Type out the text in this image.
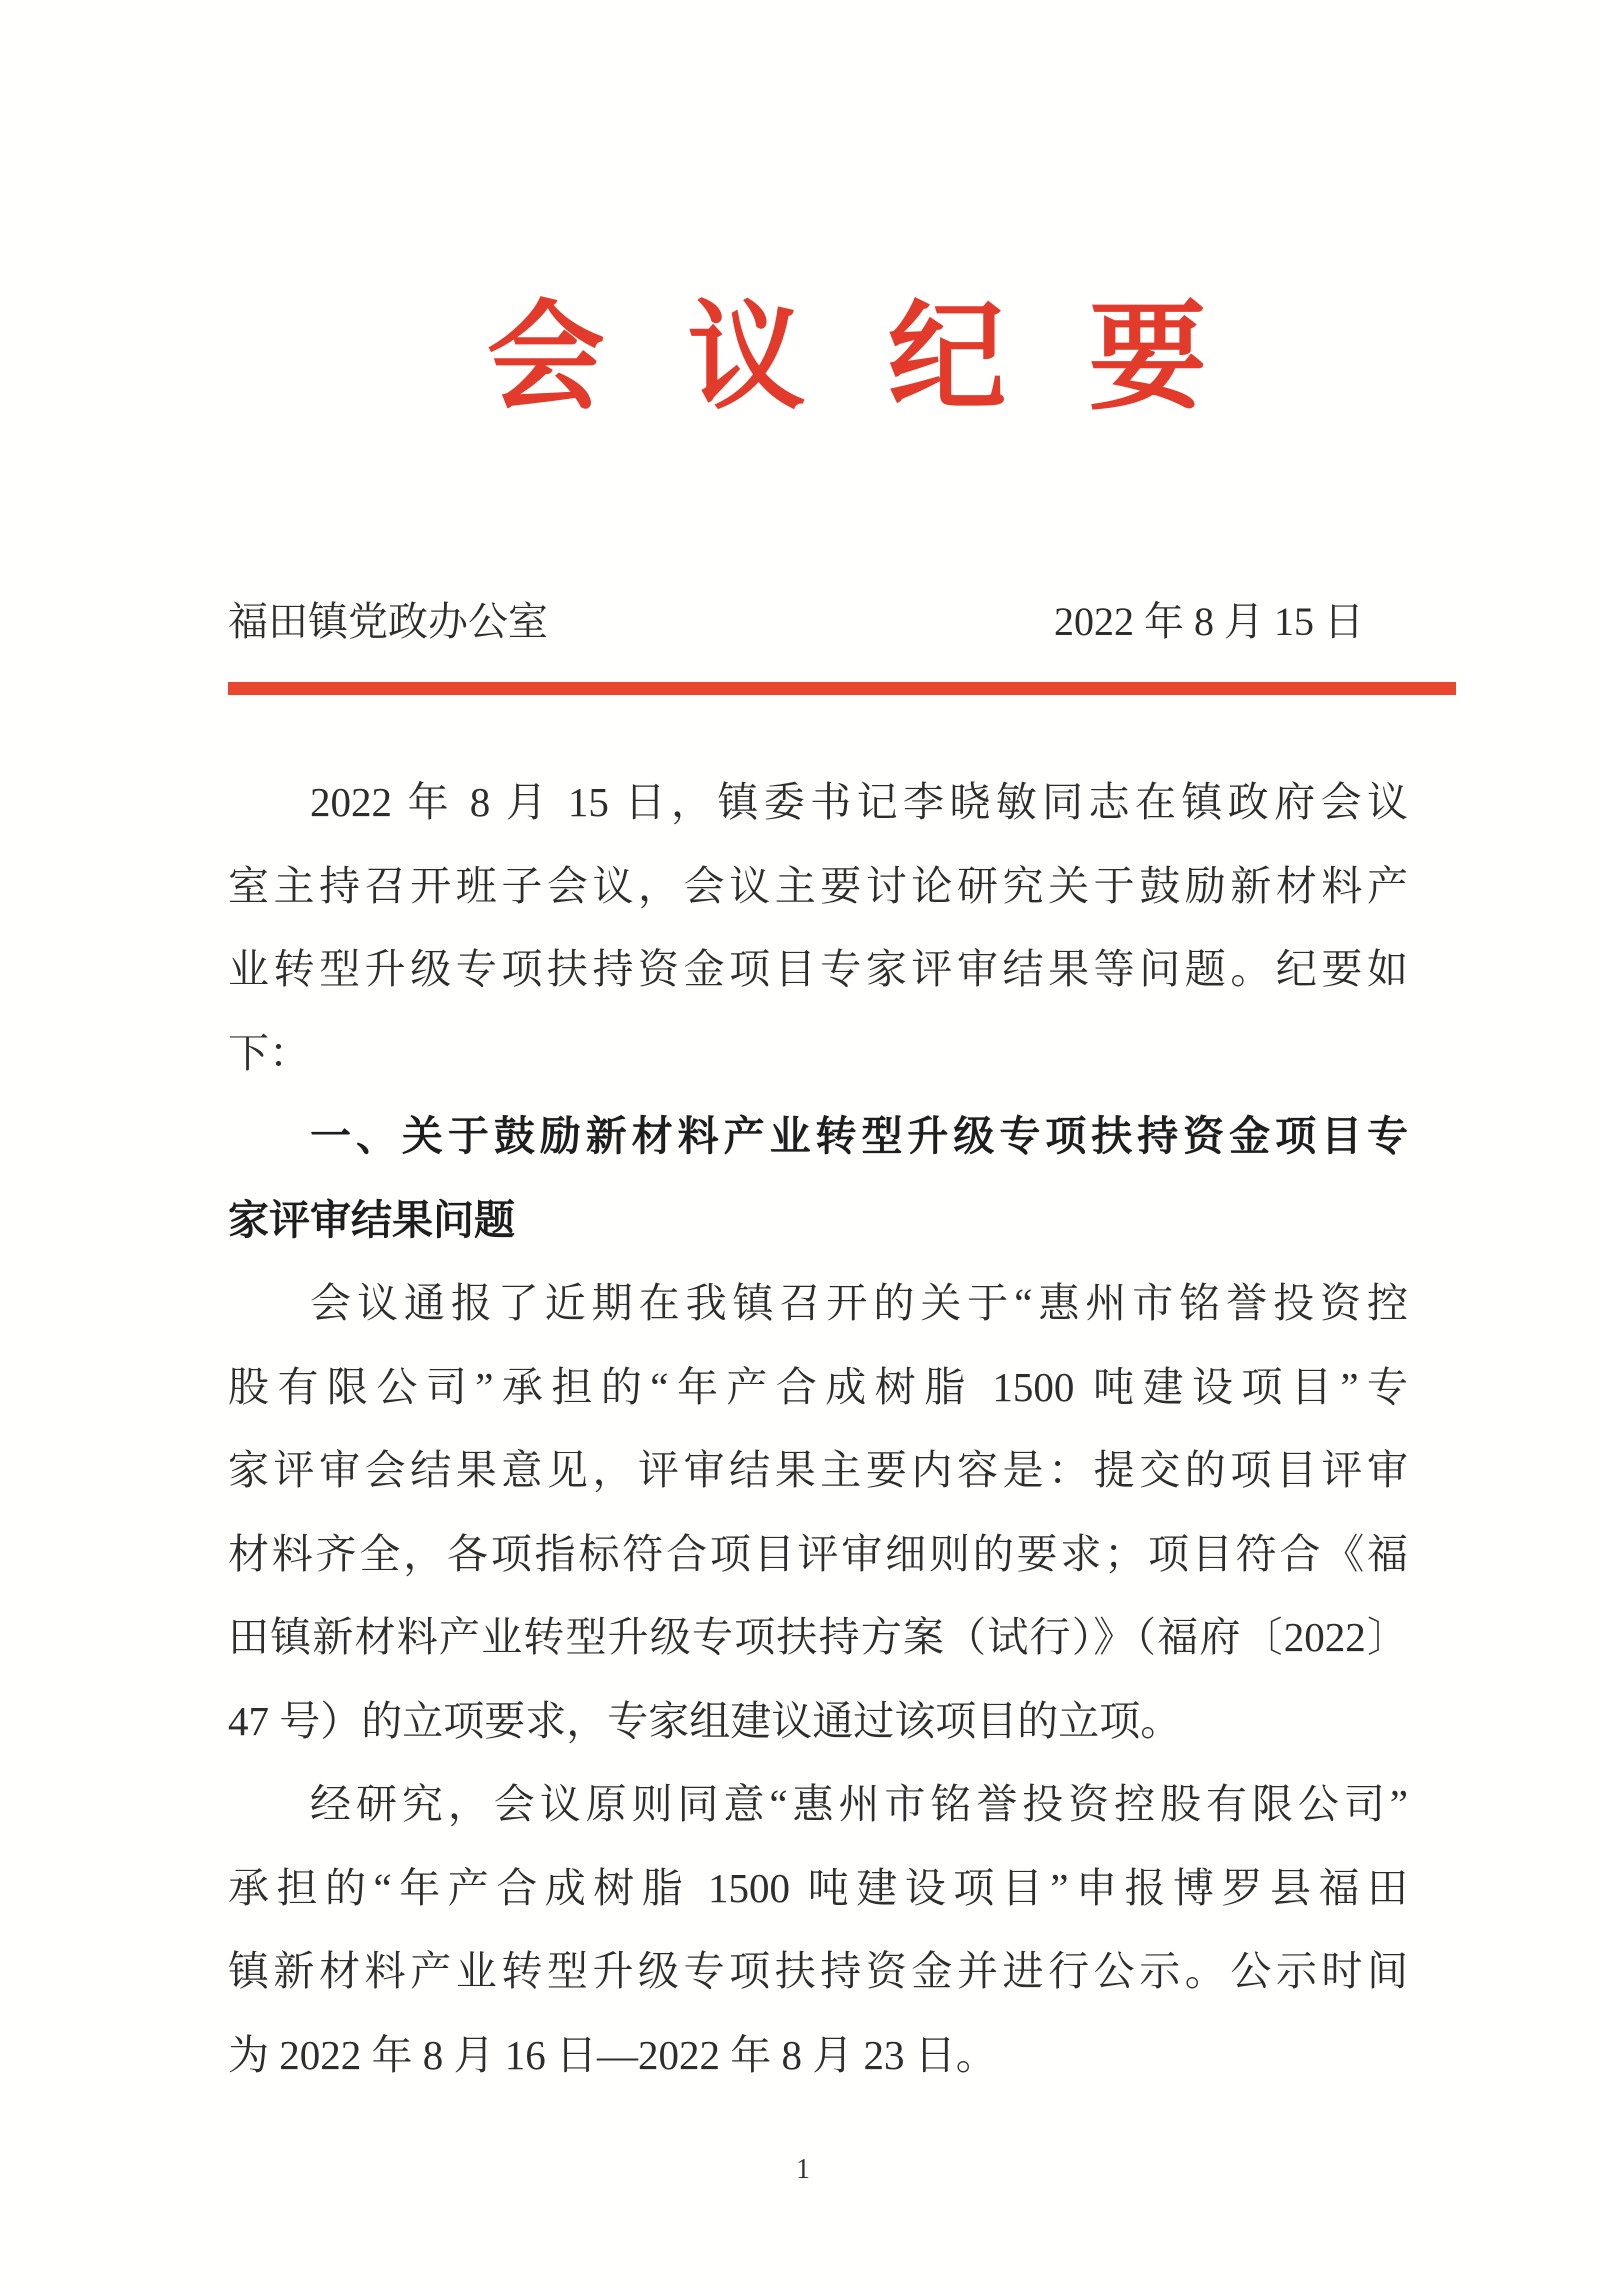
会议纪要
福田镇党政办公室	2022 年 8 月 15 日
2022 年 8 月 15 日，镇委书记李晓敏同志在镇政府会议
室主持召开班子会议，会议主要讨论研究关于鼓励新材料产
业转型升级专项扶持资金项目专家评审结果等问题。纪要如
下：
一、关于鼓励新材料产业转型升级专项扶持资金项目专
家评审结果问题
会议通报了近期在我镇召开的关于“惠州市铭誉投资控
股有限公司”承担的“年产合成树脂 1500 吨建设项目”专
家评审会结果意见，评审结果主要内容是：提交的项目评审
材料齐全，各项指标符合项目评审细则的要求；项目符合《福
田镇新材料产业转型升级专项扶持方案（试行）》（福府〔2022〕
47 号）的立项要求，专家组建议通过该项目的立项。
经研究，会议原则同意“惠州市铭誉投资控股有限公司”
承担的“年产合成树脂 1500 吨建设项目”申报博罗县福田
镇新材料产业转型升级专项扶持资金并进行公示。公示时间
为 2022 年 8 月 16 日—2022 年 8 月 23 日。
1
